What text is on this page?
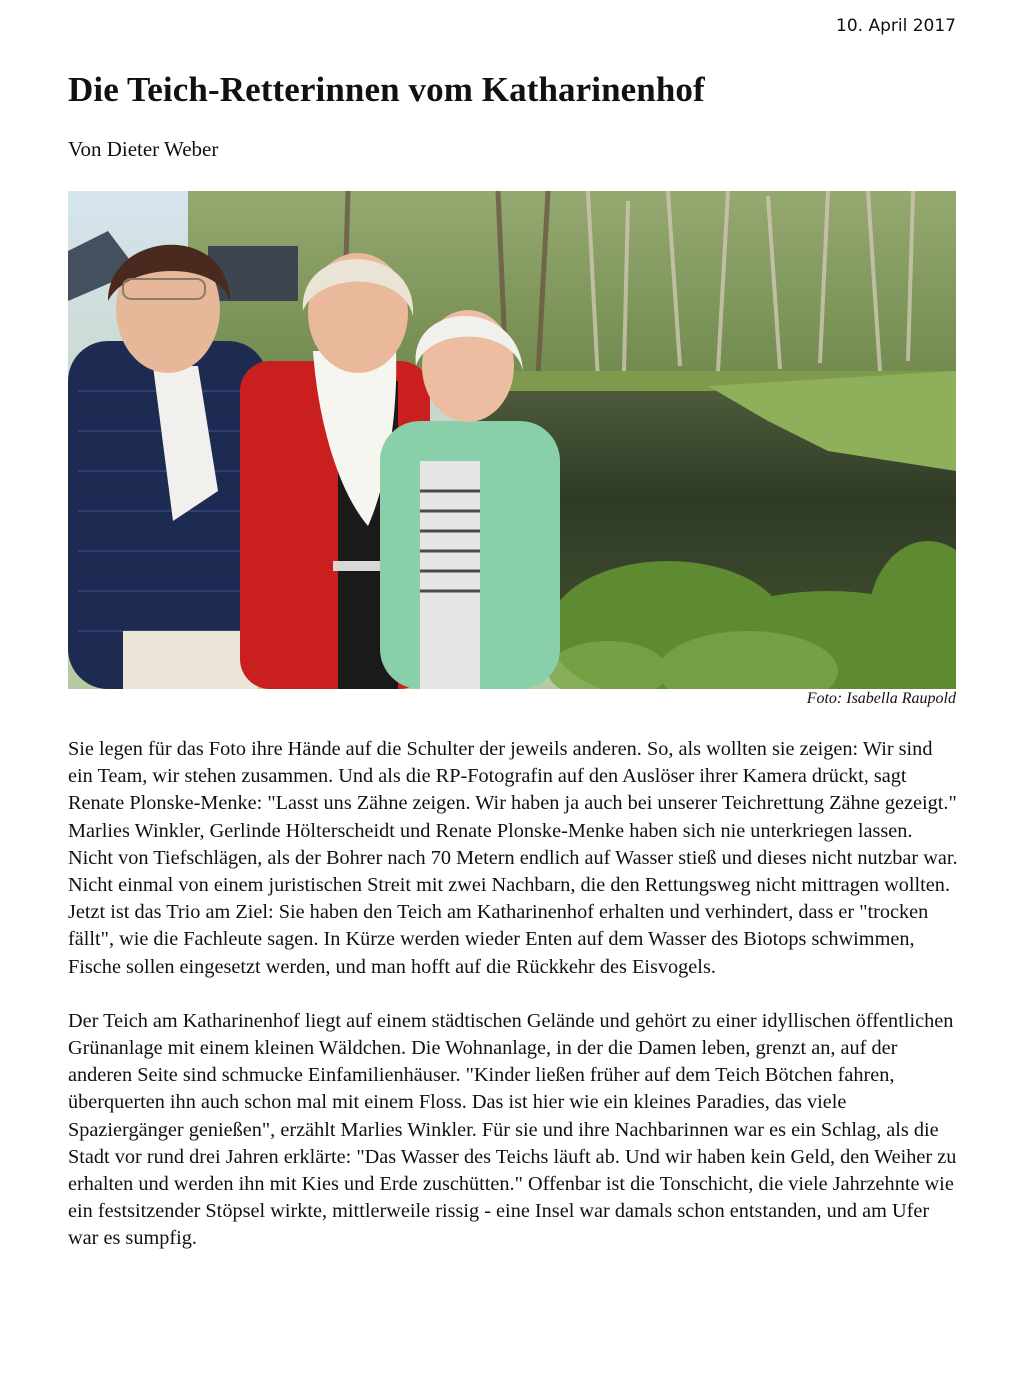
10. April 2017
Die Teich-Retterinnen vom Katharinenhof
Von Dieter Weber
Foto: Isabella Raupold

Sie legen für das Foto ihre Hände auf die Schulter der jeweils anderen. So, als wollten sie zeigen: Wir sind ein Team, wir stehen zusammen. Und als die RP-Fotografin auf den Auslöser ihrer Kamera drückt, sagt Renate Plonske-Menke: "Lasst uns Zähne zeigen. Wir haben ja auch bei unserer Teichrettung Zähne gezeigt." Marlies Winkler, Gerlinde Hölterscheidt und Renate Plonske-Menke haben sich nie unterkriegen lassen. Nicht von Tiefschlägen, als der Bohrer nach 70 Metern endlich auf Wasser stieß und dieses nicht nutzbar war. Nicht einmal von einem juristischen Streit mit zwei Nachbarn, die den Rettungsweg nicht mittragen wollten. Jetzt ist das Trio am Ziel: Sie haben den Teich am Katharinenhof erhalten und verhindert, dass er "trocken fällt", wie die Fachleute sagen. In Kürze werden wieder Enten auf dem Wasser des Biotops schwimmen, Fische sollen eingesetzt werden, und man hofft auf die Rückkehr des Eisvogels.

Der Teich am Katharinenhof liegt auf einem städtischen Gelände und gehört zu einer idyllischen öffentlichen Grünanlage mit einem kleinen Wäldchen. Die Wohnanlage, in der die Damen leben, grenzt an, auf der anderen Seite sind schmucke Einfamilienhäuser. "Kinder ließen früher auf dem Teich Bötchen fahren, überquerten ihn auch schon mal mit einem Floss. Das ist hier wie ein kleines Paradies, das viele Spaziergänger genießen", erzählt Marlies Winkler. Für sie und ihre Nachbarinnen war es ein Schlag, als die Stadt vor rund drei Jahren erklärte: "Das Wasser des Teichs läuft ab. Und wir haben kein Geld, den Weiher zu erhalten und werden ihn mit Kies und Erde zuschütten." Offenbar ist die Tonschicht, die viele Jahrzehnte wie ein festsitzender Stöpsel wirkte, mittlerweile rissig - eine Insel war damals schon entstanden, und am Ufer war es sumpfig.
